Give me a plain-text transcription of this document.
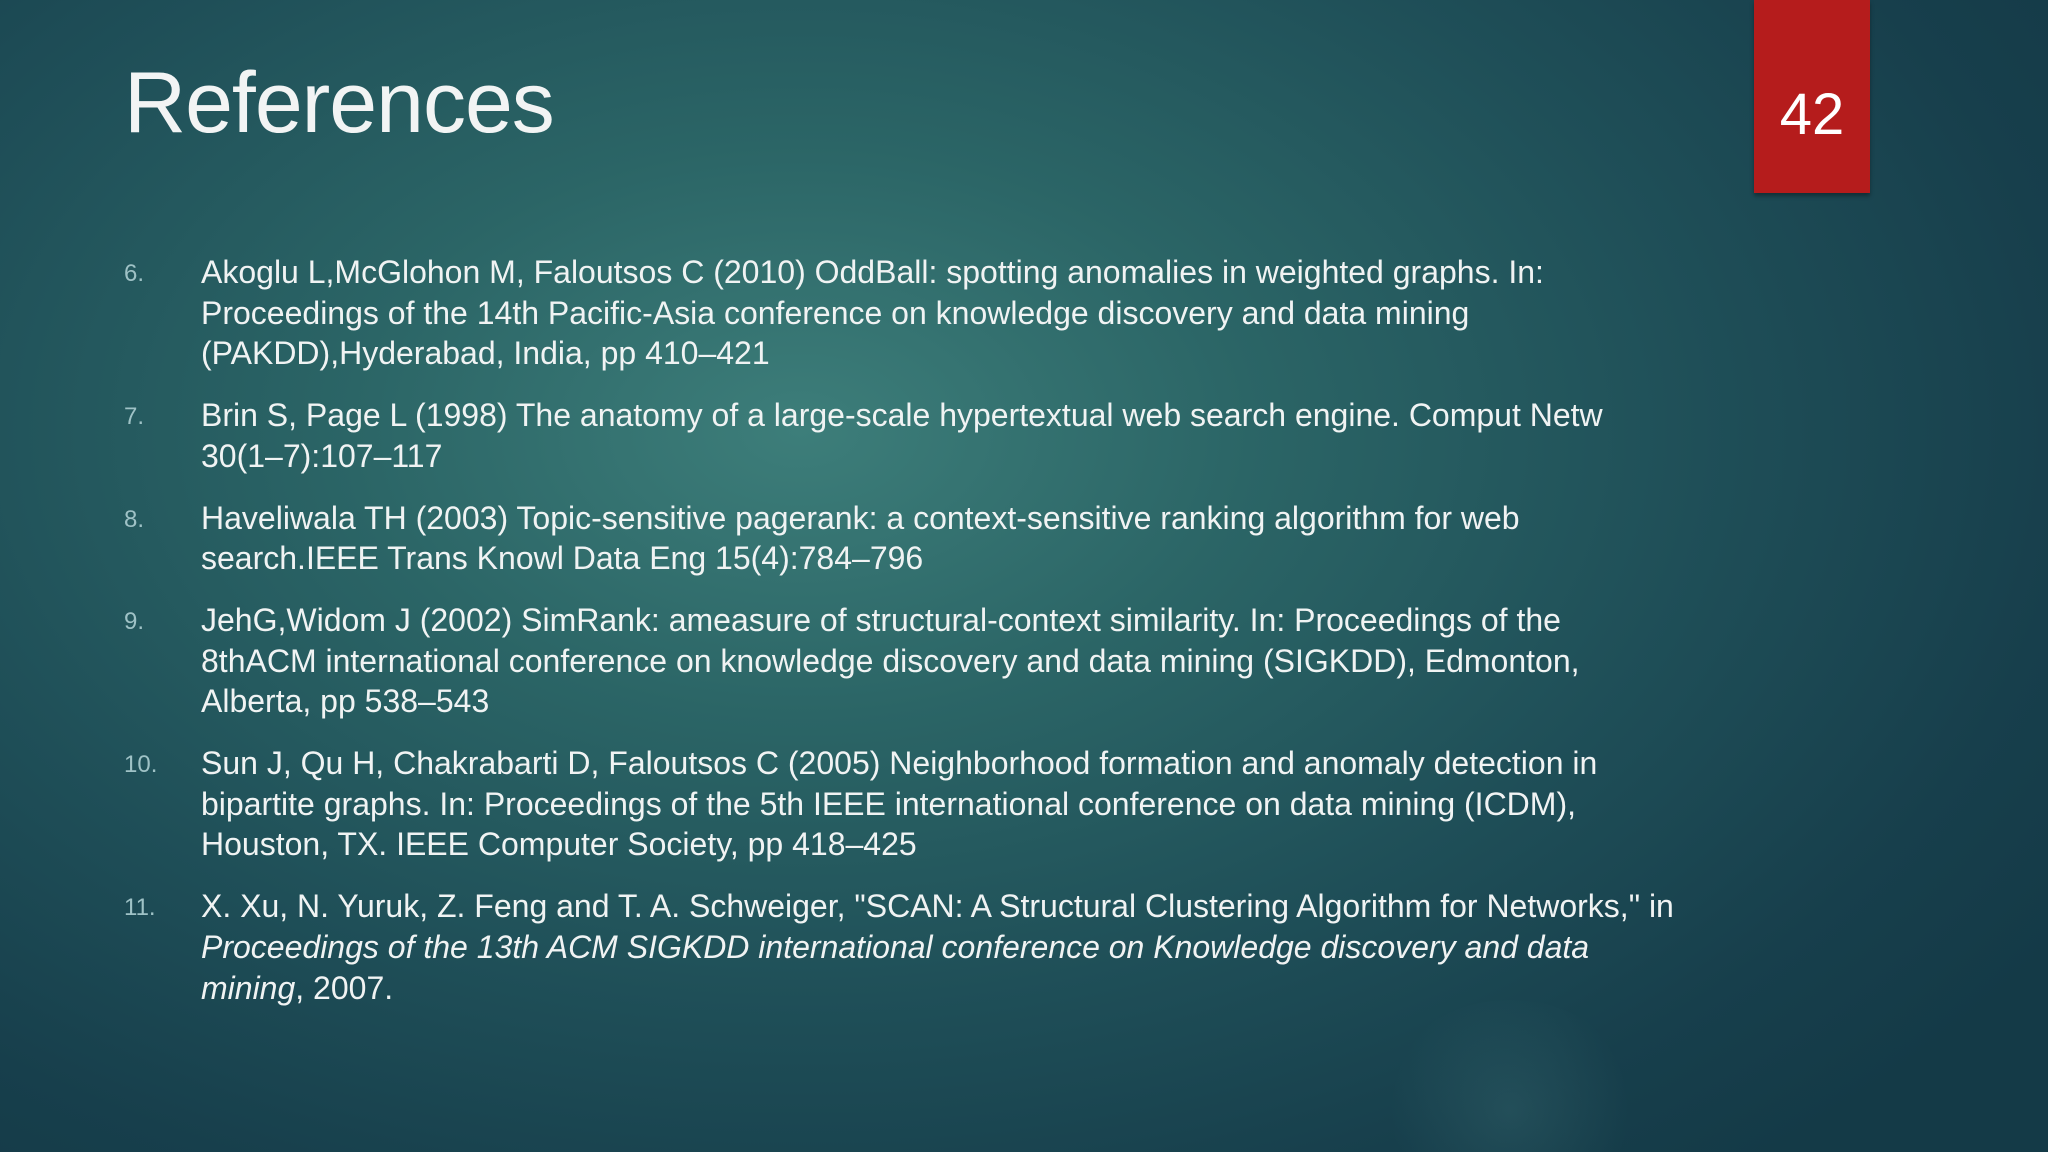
References	42
6. Akoglu L,McGlohon M, Faloutsos C (2010) OddBall: spotting anomalies in weighted graphs. In: Proceedings of the 14th Pacific-Asia conference on knowledge discovery and data mining (PAKDD),Hyderabad, India, pp 410–421
7. Brin S, Page L (1998) The anatomy of a large-scale hypertextual web search engine. Comput Netw 30(1–7):107–117
8. Haveliwala TH (2003) Topic-sensitive pagerank: a context-sensitive ranking algorithm for web search.IEEE Trans Knowl Data Eng 15(4):784–796
9. JehG,Widom J (2002) SimRank: ameasure of structural-context similarity. In: Proceedings of the 8thACM international conference on knowledge discovery and data mining (SIGKDD), Edmonton, Alberta, pp 538–543
10. Sun J, Qu H, Chakrabarti D, Faloutsos C (2005) Neighborhood formation and anomaly detection in bipartite graphs. In: Proceedings of the 5th IEEE international conference on data mining (ICDM), Houston, TX. IEEE Computer Society, pp 418–425
11. X. Xu, N. Yuruk, Z. Feng and T. A. Schweiger, "SCAN: A Structural Clustering Algorithm for Networks," in Proceedings of the 13th ACM SIGKDD international conference on Knowledge discovery and data mining, 2007.
